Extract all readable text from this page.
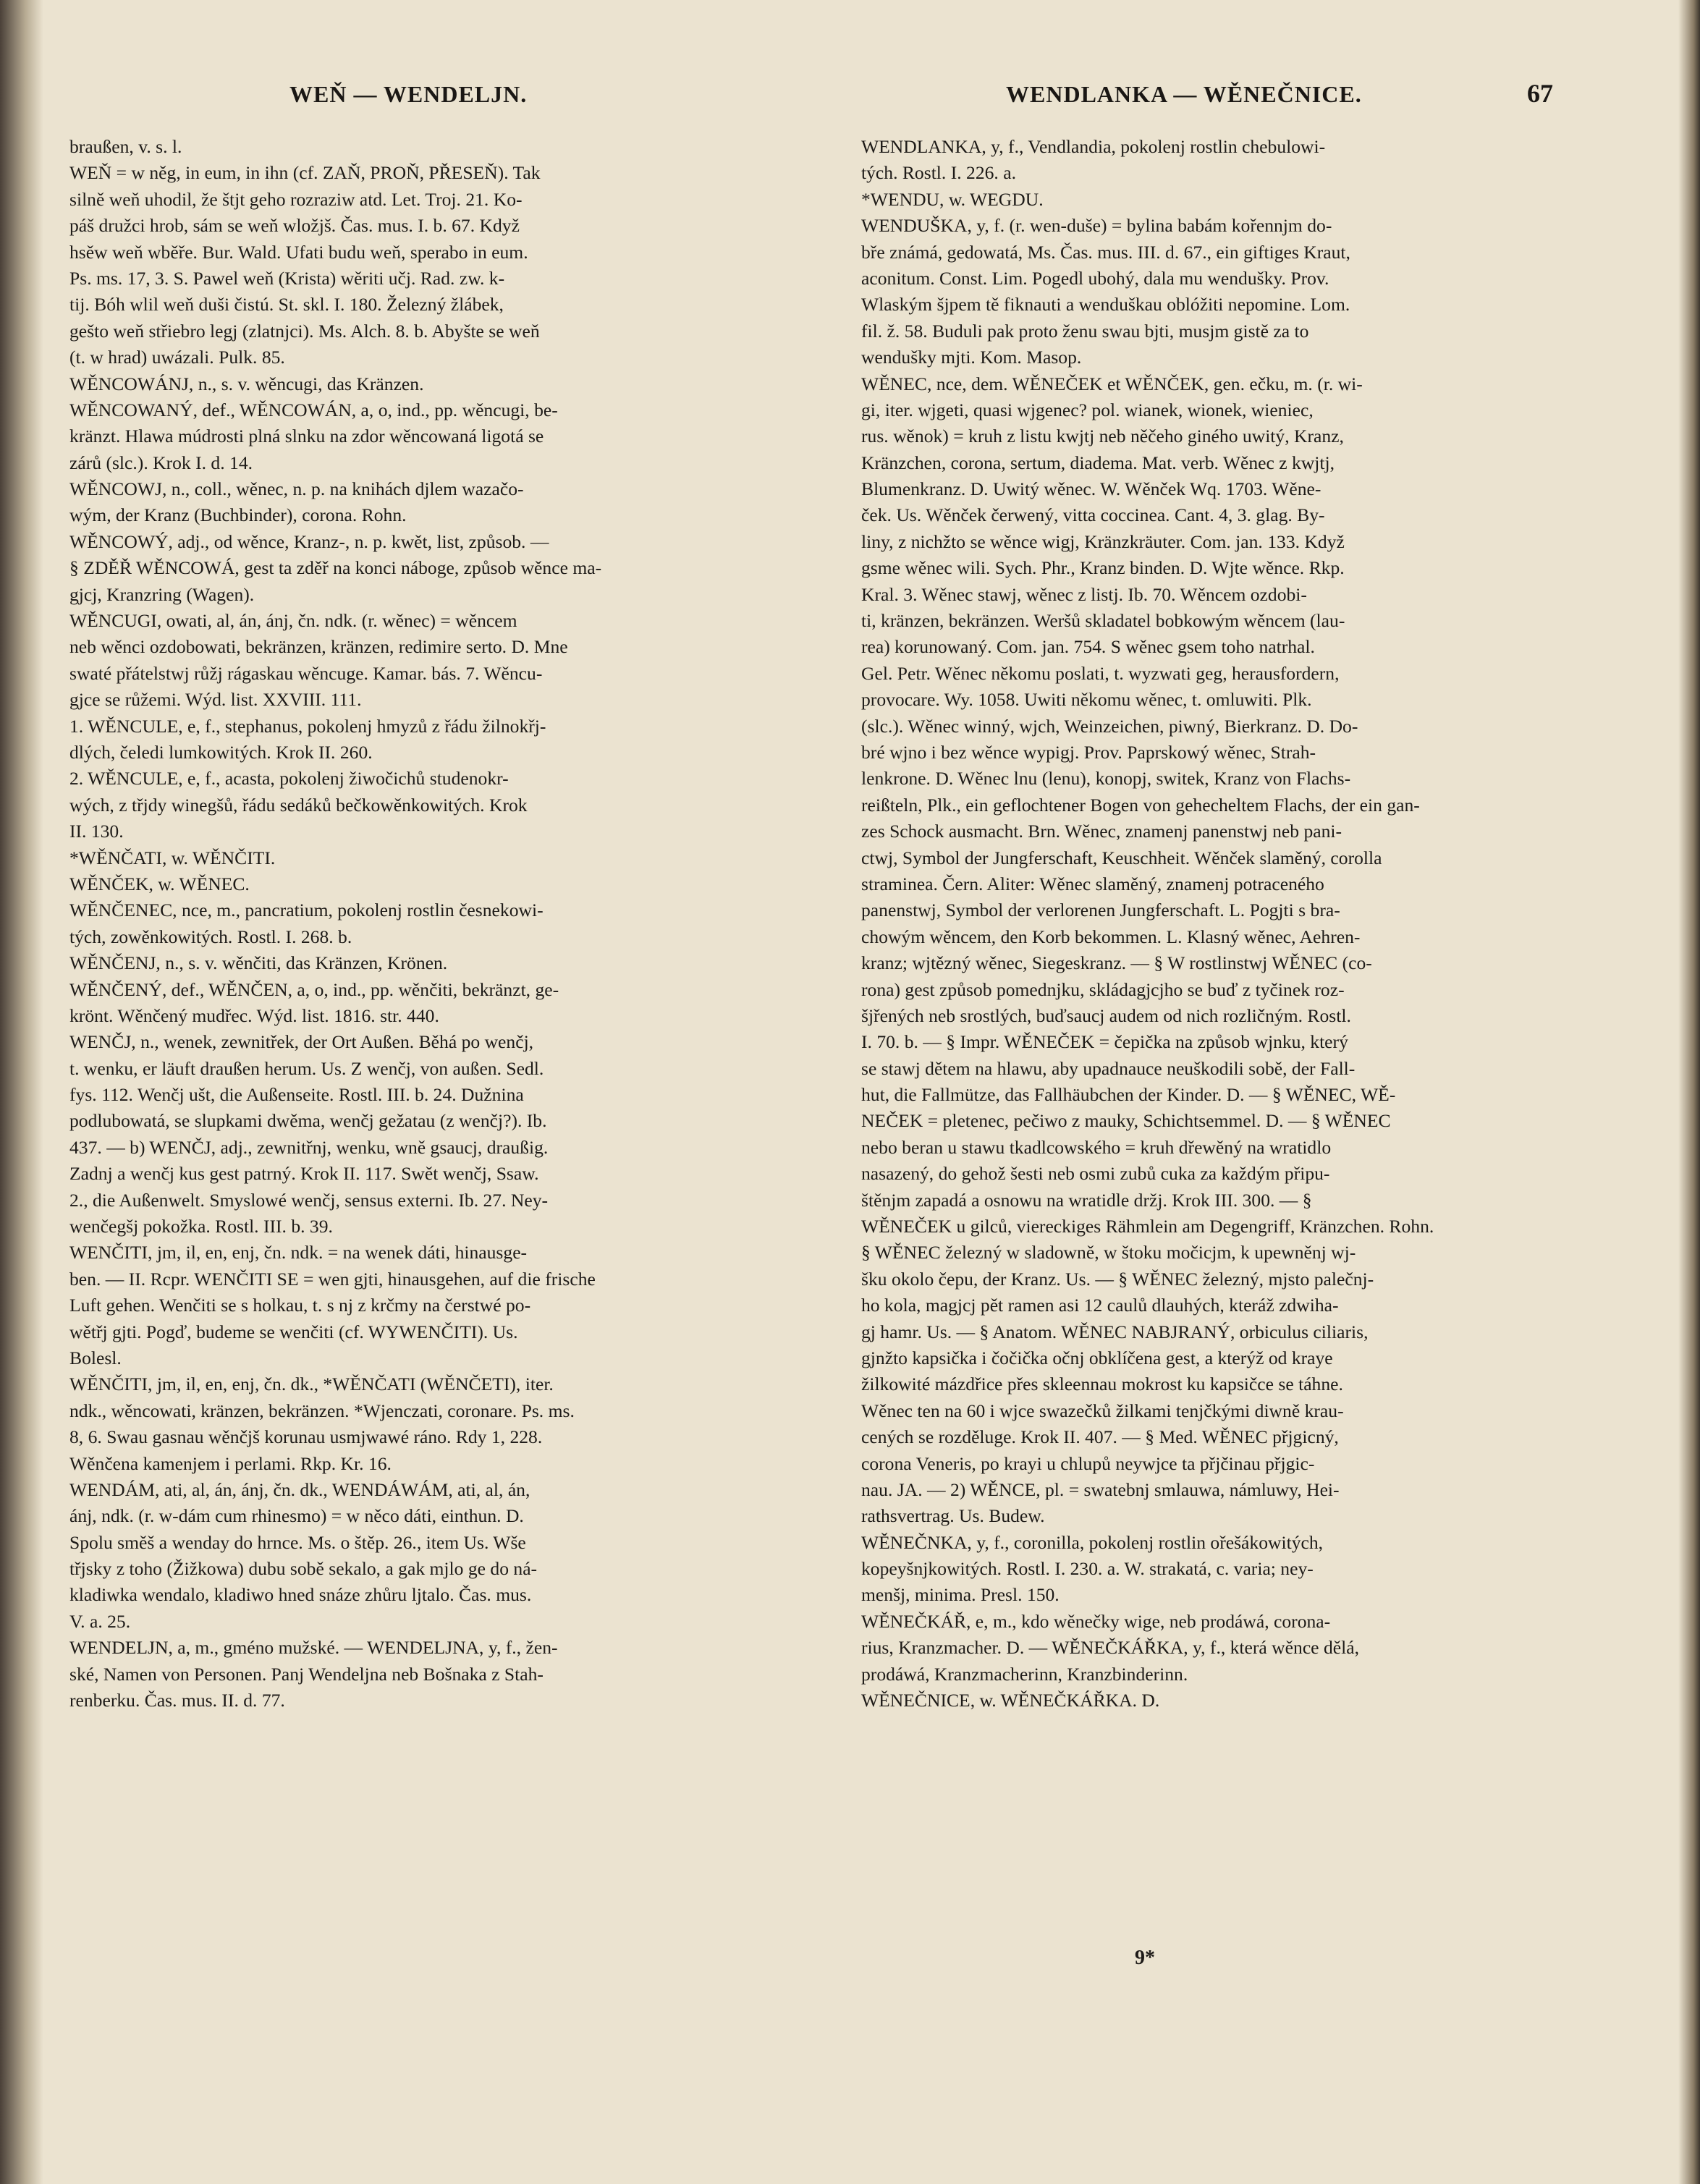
WEŇ — WENDELJN.	WENDLANKA — WĚNEČNICE.	67
braußen, v. s. l.
WEŇ = w něg, in eum, in ihn (cf. ZAŇ, PROŇ, PŘESEŇ). Tak
silně weň uhodil, že štjt geho rozraziw atd. Let. Troj. 21. Ko-
páš družci hrob, sám se weň wložjš. Čas. mus. I. b. 67. Když
hsěw weň wběře. Bur. Wald. Ufati budu weň, sperabo in eum.
Ps. ms. 17, 3. S. Pawel weň (Krista) wěriti učj. Rad. zw. k-
tij. Bóh wlil weň duši čistú. St. skl. I. 180. Železný žlábek,
gešto weň střiebro legj (zlatnjci). Ms. Alch. 8. b. Abyšte se weň
(t. w hrad) uwázali. Pulk. 85.
WĚNCOWÁNJ, n., s. v. wěncugi, das Kränzen.
WĚNCOWANÝ, def., WĚNCOWÁN, a, o, ind., pp. wěncugi, be-
kränzt. Hlawa múdrosti plná slnku na zdor wěncowaná ligotá se
zárů (slc.). Krok I. d. 14.
WĚNCOWJ, n., coll., wěnec, n. p. na knihách djlem wazačo-
wým, der Kranz (Buchbinder), corona. Rohn.
WĚNCOWÝ, adj., od wěnce, Kranz-, n. p. kwět, list, způsob. —
§ ZDĚŘ WĚNCOWÁ, gest ta zděř na konci náboge, způsob wěnce ma-
gjcj, Kranzring (Wagen).
WĚNCUGI, owati, al, án, ánj, čn. ndk. (r. wěnec) = wěncem
neb wěnci ozdobowati, bekränzen, kränzen, redimire serto. D. Mne
swaté přátelstwj růžj rágaskau wěncuge. Kamar. bás. 7. Wěncu-
gjce se růžemi. Wýd. list. XXVIII. 111.
1. WĚNCULE, e, f., stephanus, pokolenj hmyzů z řádu žilnokřj-
dlých, čeledi lumkowitých. Krok II. 260.
2. WĚNCULE, e, f., acasta, pokolenj žiwočichů studenokr-
wých, z třjdy winegšů, řádu sedáků bečkowěnkowitých. Krok
II. 130.
*WĚNČATI, w. WĚNČITI.
WĚNČEK, w. WĚNEC.
WĚNČENEC, nce, m., pancratium, pokolenj rostlin česnekowi-
tých, zowěnkowitých. Rostl. I. 268. b.
WĚNČENJ, n., s. v. wěnčiti, das Kränzen, Krönen.
WĚNČENÝ, def., WĚNČEN, a, o, ind., pp. wěnčiti, bekränzt, ge-
krönt. Wěnčený mudřec. Wýd. list. 1816. str. 440.
WENČJ, n., wenek, zewnitřek, der Ort Außen. Běhá po wenčj,
t. wenku, er läuft draußen herum. Us. Z wenčj, von außen. Sedl.
fys. 112. Wenčj ušt, die Außenseite. Rostl. III. b. 24. Dužnina
podlubowatá, se slupkami dwěma, wenčj gežatau (z wenčj?). Ib.
437. — b) WENČJ, adj., zewnitřnj, wenku, wně gsaucj, draußig.
Zadnj a wenčj kus gest patrný. Krok II. 117. Swět wenčj, Ssaw.
2., die Außenwelt. Smyslowé wenčj, sensus externi. Ib. 27. Ney-
wenčegšj pokožka. Rostl. III. b. 39.
WENČITI, jm, il, en, enj, čn. ndk. = na wenek dáti, hinausge-
ben. — II. Rcpr. WENČITI SE = wen gjti, hinausgehen, auf die frische
Luft gehen. Wenčiti se s holkau, t. s nj z krčmy na čerstwé po-
wětřj gjti. Pogď, budeme se wenčiti (cf. WYWENČITI). Us.
Bolesl.
WĚNČITI, jm, il, en, enj, čn. dk., *WĚNČATI (WĚNČETI), iter.
ndk., wěncowati, kränzen, bekränzen. *Wjenczati, coronare. Ps. ms.
8, 6. Swau gasnau wěnčjš korunau usmjwawé ráno. Rdy 1, 228.
Wěnčena kamenjem i perlami. Rkp. Kr. 16.
WENDÁM, ati, al, án, ánj, čn. dk., WENDÁWÁM, ati, al, án,
ánj, ndk. (r. w-dám cum rhinesmo) = w něco dáti, einthun. D.
Spolu směš a wenday do hrnce. Ms. o štěp. 26., item Us. Wše
třjsky z toho (Žižkowa) dubu sobě sekalo, a gak mjlo ge do ná-
kladiwka wendalo, kladiwo hned snáze zhůru ljtalo. Čas. mus.
V. a. 25.
WENDELJN, a, m., gméno mužské. — WENDELJNA, y, f., žen-
ské, Namen von Personen. Panj Wendeljna neb Bošnaka z Stah-
renberku. Čas. mus. II. d. 77.
WENDLANKA, y, f., Vendlandia, pokolenj rostlin chebulowi-
tých. Rostl. I. 226. a.
*WENDU, w. WEGDU.
WENDUŠKA, y, f. (r. wen-duše) = bylina babám kořennjm do-
bře známá, gedowatá, Ms. Čas. mus. III. d. 67., ein giftiges Kraut,
aconitum. Const. Lim. Pogedl ubohý, dala mu wendušky. Prov.
Wlaským šjpem tě fiknauti a wenduškau oblóžiti nepomine. Lom.
fil. ž. 58. Buduli pak proto ženu swau bjti, musjm gistě za to
wendušky mjti. Kom. Masop.
WĚNEC, nce, dem. WĚNEČEK et WĚNČEK, gen. ečku, m. (r. wi-
gi, iter. wjgeti, quasi wjgenec? pol. wianek, wionek, wieniec,
rus. wěnok) = kruh z listu kwjtj neb něčeho giného uwitý, Kranz,
Kränzchen, corona, sertum, diadema. Mat. verb. Wěnec z kwjtj,
Blumenkranz. D. Uwitý wěnec. W. Wěnček Wq. 1703. Wěne-
ček. Us. Wěnček čerwený, vitta coccinea. Cant. 4, 3. glag. By-
liny, z nichžto se wěnce wigj, Kränzkräuter. Com. jan. 133. Když
gsme wěnec wili. Sych. Phr., Kranz binden. D. Wjte wěnce. Rkp.
Kral. 3. Wěnec stawj, wěnec z listj. Ib. 70. Wěncem ozdobi-
ti, kränzen, bekränzen. Weršů skladatel bobkowým wěncem (lau-
rea) korunowaný. Com. jan. 754. S wěnec gsem toho natrhal.
Gel. Petr. Wěnec někomu poslati, t. wyzwati geg, herausfordern,
provocare. Wy. 1058. Uwiti někomu wěnec, t. omluwiti. Plk.
(slc.). Wěnec winný, wjch, Weinzeichen, piwný, Bierkranz. D. Do-
bré wjno i bez wěnce wypigj. Prov. Paprskowý wěnec, Strah-
lenkrone. D. Wěnec lnu (lenu), konopj, switek, Kranz von Flachs-
reißteln, Plk., ein geflochtener Bogen von gehecheltem Flachs, der ein gan-
zes Schock ausmacht. Brn. Wěnec, znamenj panenstwj neb pani-
ctwj, Symbol der Jungferschaft, Keuschheit. Wěnček slaměný, corolla
straminea. Čern. Aliter: Wěnec slaměný, znamenj potraceného
panenstwj, Symbol der verlorenen Jungferschaft. L. Pogjti s bra-
chowým wěncem, den Korb bekommen. L. Klasný wěnec, Aehren-
kranz; wjtězný wěnec, Siegeskranz. — § W rostlinstwj WĚNEC (co-
rona) gest způsob pomednjku, skládagjcjho se buď z tyčinek roz-
šjřených neb srostlých, buďsaucj audem od nich rozličným. Rostl.
I. 70. b. — § Impr. WĚNEČEK = čepička na způsob wjnku, který
se stawj dětem na hlawu, aby upadnauce neuškodili sobě, der Fall-
hut, die Fallmütze, das Fallhäubchen der Kinder. D. — § WĚNEC, WĚ-
NEČEK = pletenec, pečiwo z mauky, Schichtsemmel. D. — § WĚNEC
nebo beran u stawu tkadlcowského = kruh dřewěný na wratidlo
nasazený, do gehož šesti neb osmi zubů cuka za každým připu-
štěnjm zapadá a osnowu na wratidle držj. Krok III. 300. — §
WĚNEČEK u gilců, viereckiges Rähmlein am Degengriff, Kränzchen. Rohn.
§ WĚNEC železný w sladowně, w štoku močicjm, k upewněnj wj-
šku okolo čepu, der Kranz. Us. — § WĚNEC železný, mjsto palečnj-
ho kola, magjcj pět ramen asi 12 caulů dlauhých, kteráž zdwiha-
gj hamr. Us. — § Anatom. WĚNEC NABJRANÝ, orbiculus ciliaris,
gjnžto kapsička i čočička očnj obklíčena gest, a kterýž od kraye
žilkowité mázdřice přes skleennau mokrost ku kapsičce se táhne.
Wěnec ten na 60 i wjce swazečků žilkami tenjčkými diwně krau-
cených se rozděluge. Krok II. 407. — § Med. WĚNEC přjgicný,
corona Veneris, po krayi u chlupů neywjce ta přjčinau přjgic-
nau. JA. — 2) WĚNCE, pl. = swatebnj smlauwa, námluwy, Hei-
rathsvertrag. Us. Budew.
WĚNEČNKA, y, f., coronilla, pokolenj rostlin ořešákowitých,
kopeyšnjkowitých. Rostl. I. 230. a. W. strakatá, c. varia; ney-
menšj, minima. Presl. 150.
WĚNEČKÁŘ, e, m., kdo wěnečky wige, neb prodáwá, corona-
rius, Kranzmacher. D. — WĚNEČKÁŘKA, y, f., která wěnce dělá,
prodáwá, Kranzmacherinn, Kranzbinderinn.
WĚNEČNICE, w. WĚNEČKÁŘKA. D.
9*
